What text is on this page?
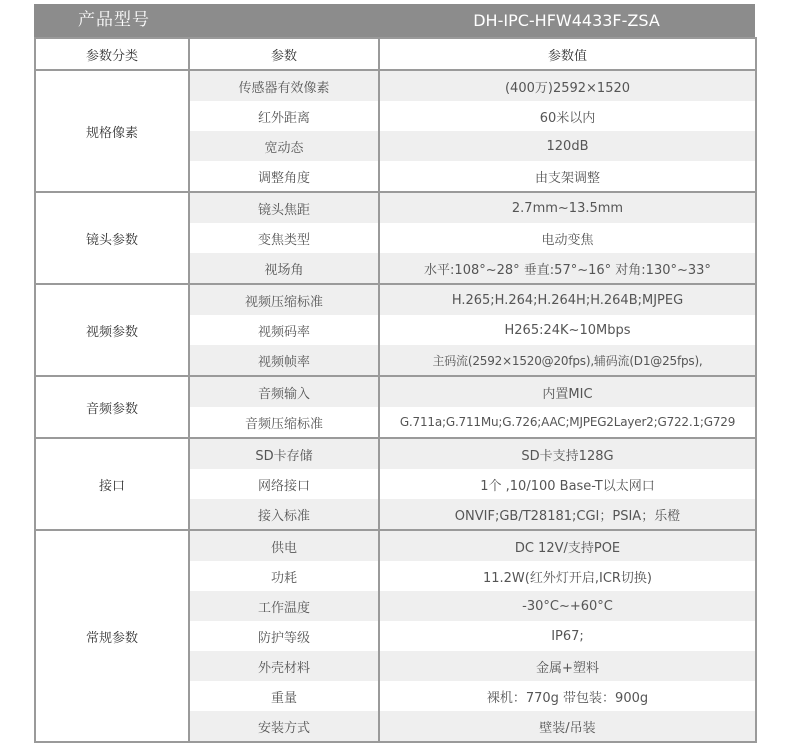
产品型号	DH-IPC-HFW4433F-ZSA
参数分类	参数	参数值
规格像素	传感器有效像素	(400万)2592×1520
	红外距离	60米以内
	宽动态	120dB
	调整角度	由支架调整
镜头参数	镜头焦距	2.7mm~13.5mm
	变焦类型	电动变焦
	视场角	水平:108°~28° 垂直:57°~16° 对角:130°~33°
视频参数	视频压缩标准	H.265;H.264;H.264H;H.264B;MJPEG
	视频码率	H265:24K~10Mbps
	视频帧率	主码流(2592×1520@20fps),辅码流(D1@25fps),
音频参数	音频输入	内置MIC
	音频压缩标准	G.711a;G.711Mu;G.726;AAC;MJPEG2Layer2;G722.1;G729
接口	SD卡存储	SD卡支持128G
	网络接口	1个 ,10/100 Base-T以太网口
	接入标准	ONVIF;GB/T28181;CGI；PSIA；乐橙
常规参数	供电	DC 12V/支持POE
	功耗	11.2W(红外灯开启,ICR切换)
	工作温度	-30°C~+60°C
	防护等级	IP67;
	外壳材料	金属+塑料
	重量	裸机：770g 带包装：900g
	安装方式	壁装/吊装
